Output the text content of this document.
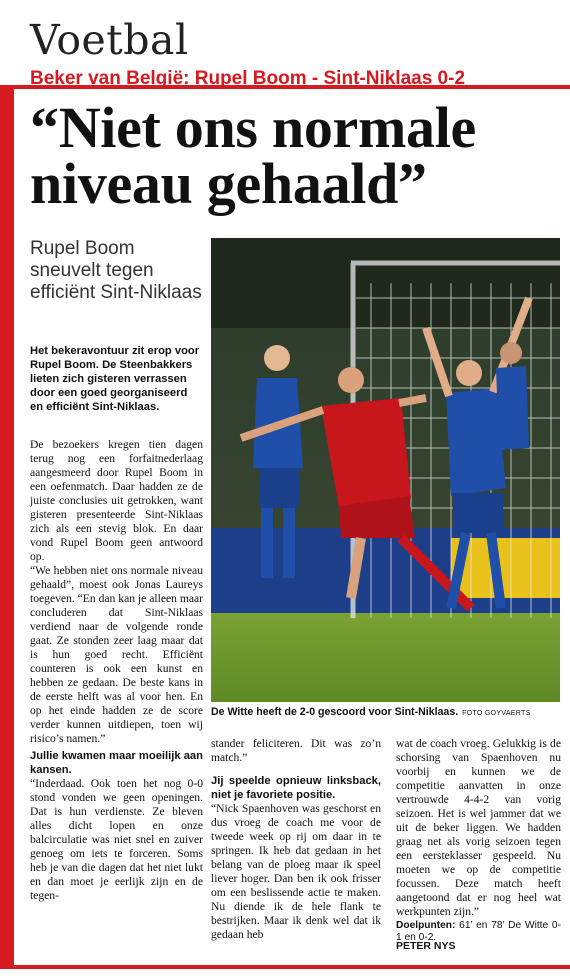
Voetbal
Beker van België: Rupel Boom - Sint-Niklaas 0-2
“Niet ons normale niveau gehaald”
Rupel Boom sneuvelt tegen efficiënt Sint-Niklaas
Het bekeravontuur zit erop voor Rupel Boom. De Steenbakkers lieten zich gisteren verrassen door een goed georganiseerd en efficiënt Sint-Niklaas.

De bezoekers kregen tien dagen terug nog een forfaitnederlaag aangesmeerd door Rupel Boom in een oefenmatch. Daar hadden ze de juiste conclusies uit getrokken, want gisteren presenteerde Sint-Niklaas zich als een stevig blok. En daar vond Rupel Boom geen antwoord op.

“We hebben niet ons normale niveau gehaald”, moest ook Jonas Laureys toegeven. “En dan kan je alleen maar concluderen dat Sint-Niklaas verdiend naar de volgende ronde gaat. Ze stonden zeer laag maar dat is hun goed recht. Efficiënt counteren is ook een kunst en hebben ze gedaan. De beste kans in de eerste helft was al voor hen. En op het einde hadden ze de score verder kunnen uitdiepen, toen wij risico’s namen.”

Jullie kwamen maar moeilijk aan kansen.

“Inderdaad. Ook toen het nog 0-0 stond vonden we geen openingen. Dat is hun verdienste. Ze bleven alles dicht lopen en onze balcirculatie was niet snel en zuiver genoeg om iets te forceren. Soms heb je van die dagen dat het niet lukt en dan moet je eerlijk zijn en de tegen-

De Witte heeft de 2-0 gescoord voor Sint-Niklaas. FOTO GOYVAERTS

stander feliciteren. Dit was zo’n match.”

Jij speelde opnieuw linksback, niet je favoriete positie.

“Nick Spaenhoven was geschorst en dus vroeg de coach me voor de tweede week op rij om daar in te springen. Ik heb dat gedaan in het belang van de ploeg maar ik speel liever hoger. Dan ben ik ook frisser om een beslissende actie te maken. Nu diende ik de hele flank te bestrijken. Maar ik denk wel dat ik gedaan heb

wat de coach vroeg. Gelukkig is de schorsing van Spaenhoven nu voorbij en kunnen we de competitie aanvatten in onze vertrouwde 4-4-2 van vorig seizoen. Het is wel jammer dat we uit de beker liggen. We hadden graag net als vorig seizoen tegen een eersteklasser gespeeld. Nu moeten we op de competitie focussen. Deze match heeft aangetoond dat er nog heel wat werkpunten zijn.”

Doelpunten: 61’ en 78’ De Witte 0-1 en 0-2.
PETER NYS
